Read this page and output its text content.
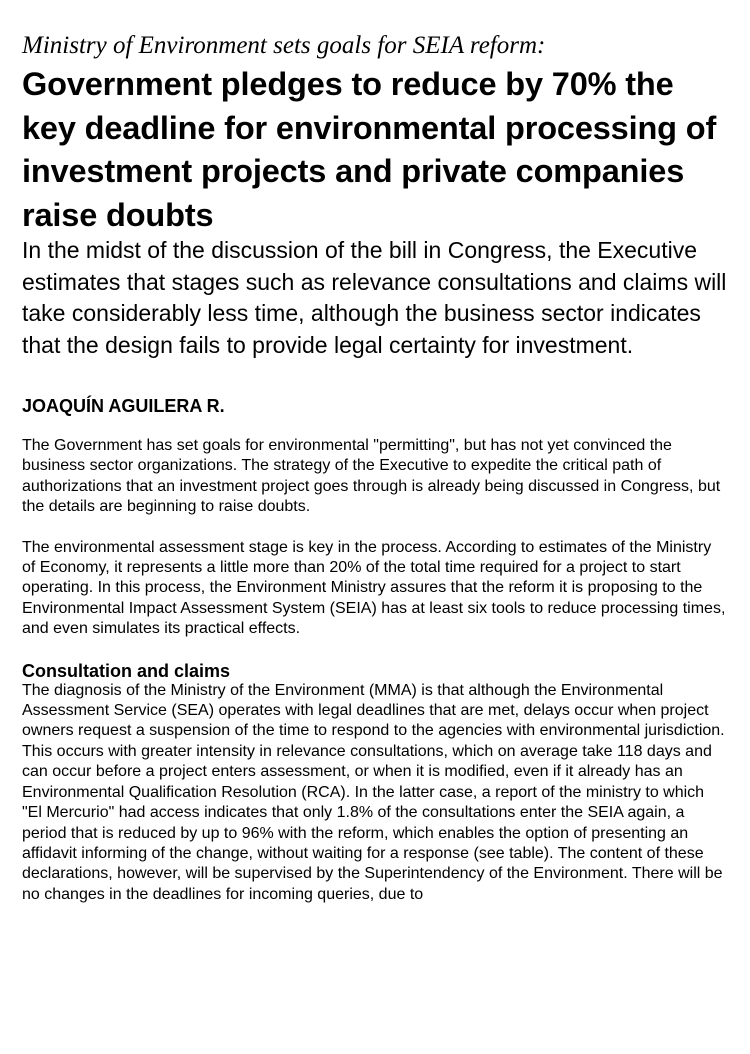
Ministry of Environment sets goals for SEIA reform:
Government pledges to reduce by 70% the key deadline for environmental processing of investment projects and private companies raise doubts

In the midst of the discussion of the bill in Congress, the Executive estimates that stages such as relevance consultations and claims will take considerably less time, although the business sector indicates that the design fails to provide legal certainty for investment.

JOAQUÍN AGUILERA R.

The Government has set goals for environmental "permitting", but has not yet convinced the business sector organizations. The strategy of the Executive to expedite the critical path of authorizations that an investment project goes through is already being discussed in Congress, but the details are beginning to raise doubts.

The environmental assessment stage is key in the process. According to estimates of the Ministry of Economy, it represents a little more than 20% of the total time required for a project to start operating. In this process, the Environment Ministry assures that the reform it is proposing to the Environmental Impact Assessment System (SEIA) has at least six tools to reduce processing times, and even simulates its practical effects.

Consultation and claims

The diagnosis of the Ministry of the Environment (MMA) is that although the Environmental Assessment Service (SEA) operates with legal deadlines that are met, delays occur when project owners request a suspension of the time to respond to the agencies with environmental jurisdiction. This occurs with greater intensity in relevance consultations, which on average take 118 days and can occur before a project enters assessment, or when it is modified, even if it already has an Environmental Qualification Resolution (RCA). In the latter case, a report of the ministry to which "El Mercurio" had access indicates that only 1.8% of the consultations enter the SEIA again, a period that is reduced by up to 96% with the reform, which enables the option of presenting an affidavit informing of the change, without waiting for a response (see table). The content of these declarations, however, will be supervised by the Superintendency of the Environment. There will be no changes in the deadlines for incoming queries, due to
